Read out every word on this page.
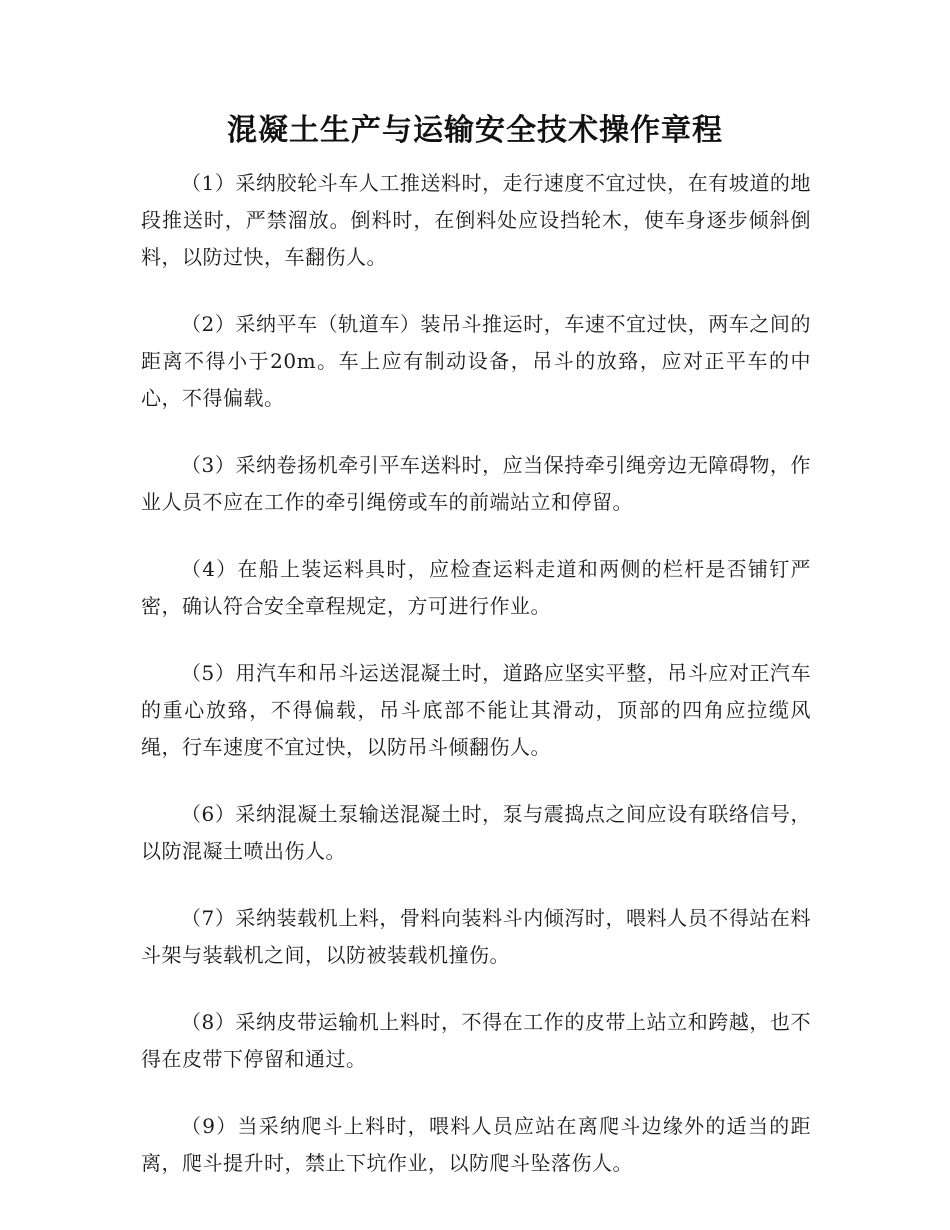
混凝土生产与运输安全技术操作章程

（1）采纳胶轮斗车人工推送料时，走行速度不宜过快，在有坡道的地段推送时，严禁溜放。倒料时，在倒料处应设挡轮木，使车身逐步倾斜倒料，以防过快，车翻伤人。

（2）采纳平车（轨道车）装吊斗推运时，车速不宜过快，两车之间的距离不得小于20m。车上应有制动设备，吊斗的放臵，应对正平车的中心，不得偏载。

（3）采纳卷扬机牵引平车送料时，应当保持牵引绳旁边无障碍物，作业人员不应在工作的牵引绳傍或车的前端站立和停留。

（4）在船上装运料具时，应检查运料走道和两侧的栏杆是否铺钉严密，确认符合安全章程规定，方可进行作业。

（5）用汽车和吊斗运送混凝土时，道路应坚实平整，吊斗应对正汽车的重心放臵，不得偏载，吊斗底部不能让其滑动，顶部的四角应拉缆风绳，行车速度不宜过快，以防吊斗倾翻伤人。

（6）采纳混凝土泵输送混凝土时，泵与震捣点之间应设有联络信号，以防混凝土喷出伤人。

（7）采纳装载机上料，骨料向装料斗内倾泻时，喂料人员不得站在料斗架与装载机之间，以防被装载机撞伤。

（8）采纳皮带运输机上料时，不得在工作的皮带上站立和跨越，也不得在皮带下停留和通过。

（9）当采纳爬斗上料时，喂料人员应站在离爬斗边缘外的适当的距离，爬斗提升时，禁止下坑作业，以防爬斗坠落伤人。
